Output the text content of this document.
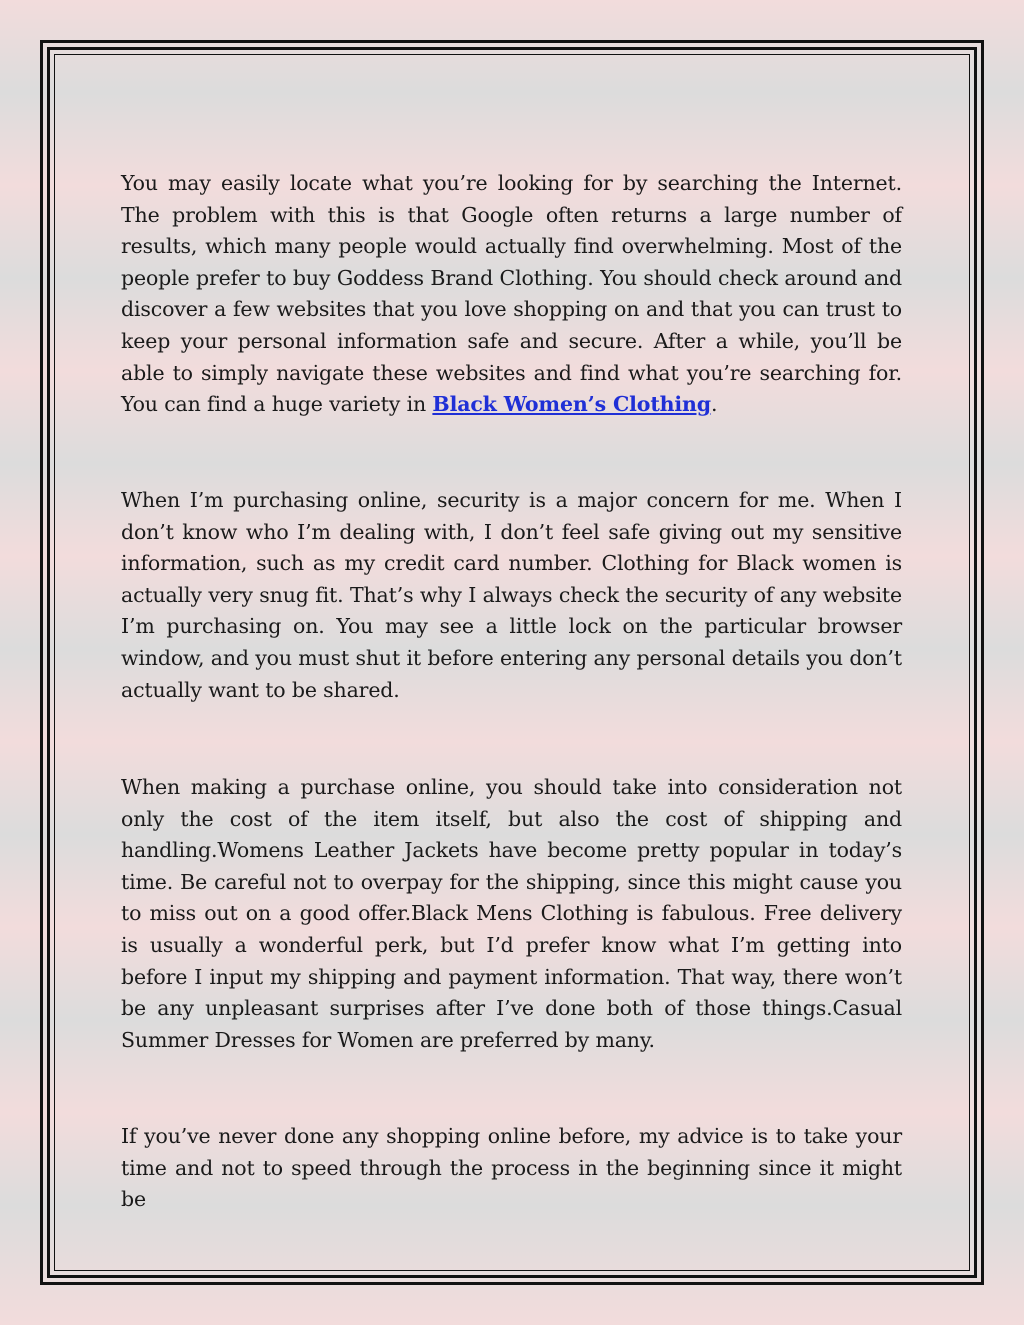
You may easily locate what you’re looking for by searching the Internet. The problem with this is that Google often returns a large number of results, which many people would actually find overwhelming. Most of the people prefer to buy Goddess Brand Clothing. You should check around and discover a few websites that you love shopping on and that you can trust to keep your personal information safe and secure. After a while, you’ll be able to simply navigate these websites and find what you’re searching for. You can find a huge variety in Black Women’s Clothing.

When I’m purchasing online, security is a major concern for me. When I don’t know who I’m dealing with, I don’t feel safe giving out my sensitive information, such as my credit card number. Clothing for Black women is actually very snug fit. That’s why I always check the security of any website I’m purchasing on. You may see a little lock on the particular browser window, and you must shut it before entering any personal details you don’t actually want to be shared.

When making a purchase online, you should take into consideration not only the cost of the item itself, but also the cost of shipping and handling.Womens Leather Jackets have become pretty popular in today’s time. Be careful not to overpay for the shipping, since this might cause you to miss out on a good offer.Black Mens Clothing is fabulous. Free delivery is usually a wonderful perk, but I’d prefer know what I’m getting into before I input my shipping and payment information. That way, there won’t be any unpleasant surprises after I’ve done both of those things.Casual Summer Dresses for Women are preferred by many.

If you’ve never done any shopping online before, my advice is to take your time and not to speed through the process in the beginning since it might be
